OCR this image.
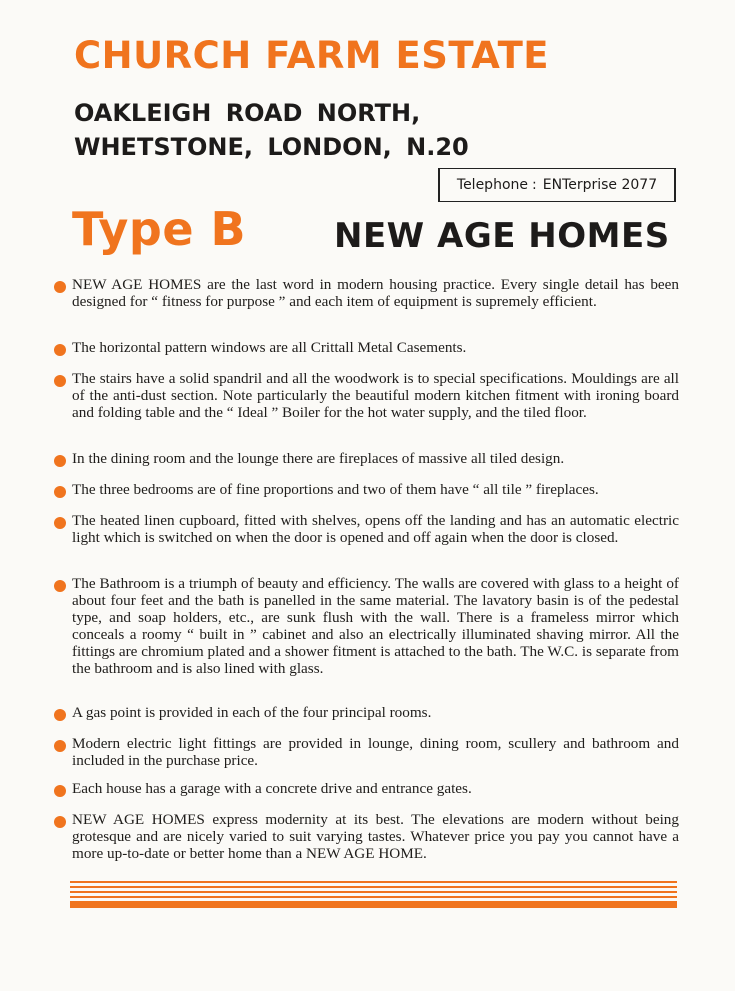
CHURCH FARM ESTATE
OAKLEIGH ROAD NORTH,
WHETSTONE, LONDON, N.20
Telephone : ENTerprise 2077
Type B	NEW AGE HOMES

NEW AGE HOMES are the last word in modern housing practice. Every single detail has been designed for “ fitness for purpose ” and each item of equipment is supremely efficient.

The horizontal pattern windows are all Crittall Metal Casements.

The stairs have a solid spandril and all the woodwork is to special specifications. Mouldings are all of the anti-dust section. Note particularly the beautiful modern kitchen fitment with ironing board and folding table and the “ Ideal ” Boiler for the hot water supply, and the tiled floor.

In the dining room and the lounge there are fireplaces of massive all tiled design.

The three bedrooms are of fine proportions and two of them have “ all tile ” fireplaces.

The heated linen cupboard, fitted with shelves, opens off the landing and has an automatic electric light which is switched on when the door is opened and off again when the door is closed.

The Bathroom is a triumph of beauty and efficiency. The walls are covered with glass to a height of about four feet and the bath is panelled in the same material. The lavatory basin is of the pedestal type, and soap holders, etc., are sunk flush with the wall. There is a frameless mirror which conceals a roomy “ built in ” cabinet and also an electrically illuminated shaving mirror. All the fittings are chromium plated and a shower fitment is attached to the bath. The W.C. is separate from the bathroom and is also lined with glass.

A gas point is provided in each of the four principal rooms.

Modern electric light fittings are provided in lounge, dining room, scullery and bathroom and included in the purchase price.

Each house has a garage with a concrete drive and entrance gates.

NEW AGE HOMES express modernity at its best. The elevations are modern without being grotesque and are nicely varied to suit varying tastes. Whatever price you pay you cannot have a more up-to-date or better home than a NEW AGE HOME.
